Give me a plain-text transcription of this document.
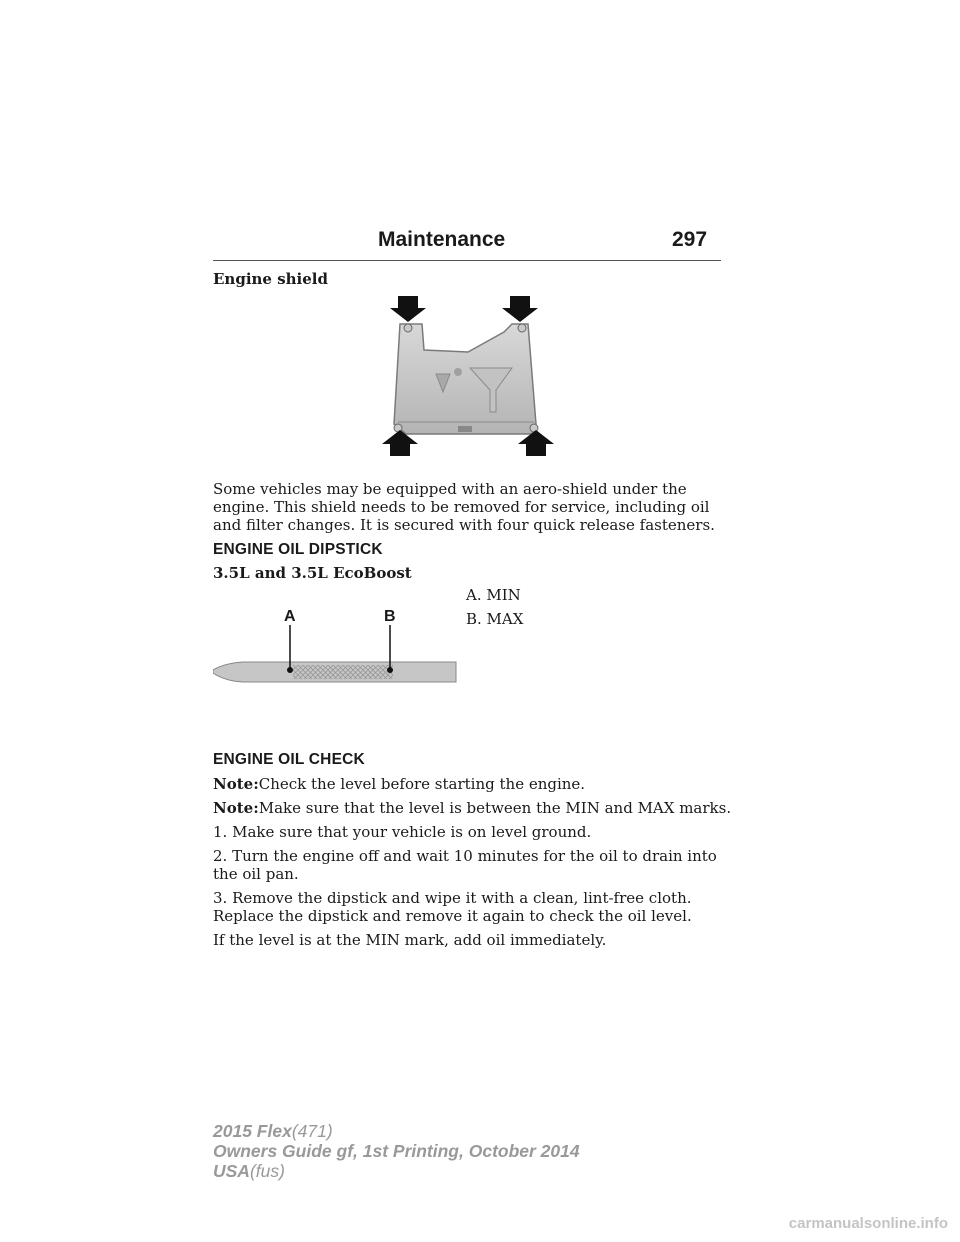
Maintenance	297
Engine shield
Some vehicles may be equipped with an aero-shield under the engine. This shield needs to be removed for service, including oil and filter changes. It is secured with four quick release fasteners.
ENGINE OIL DIPSTICK
3.5L and 3.5L EcoBoost
A	B
A. MIN
B. MAX
ENGINE OIL CHECK
Note:Check the level before starting the engine.
Note:Make sure that the level is between the MIN and MAX marks.
1. Make sure that your vehicle is on level ground.
2. Turn the engine off and wait 10 minutes for the oil to drain into the oil pan.
3. Remove the dipstick and wipe it with a clean, lint-free cloth. Replace the dipstick and remove it again to check the oil level.
If the level is at the MIN mark, add oil immediately.
2015 Flex(471)
Owners Guide gf, 1st Printing, October 2014
USA(fus)
carmanualsonline.info
